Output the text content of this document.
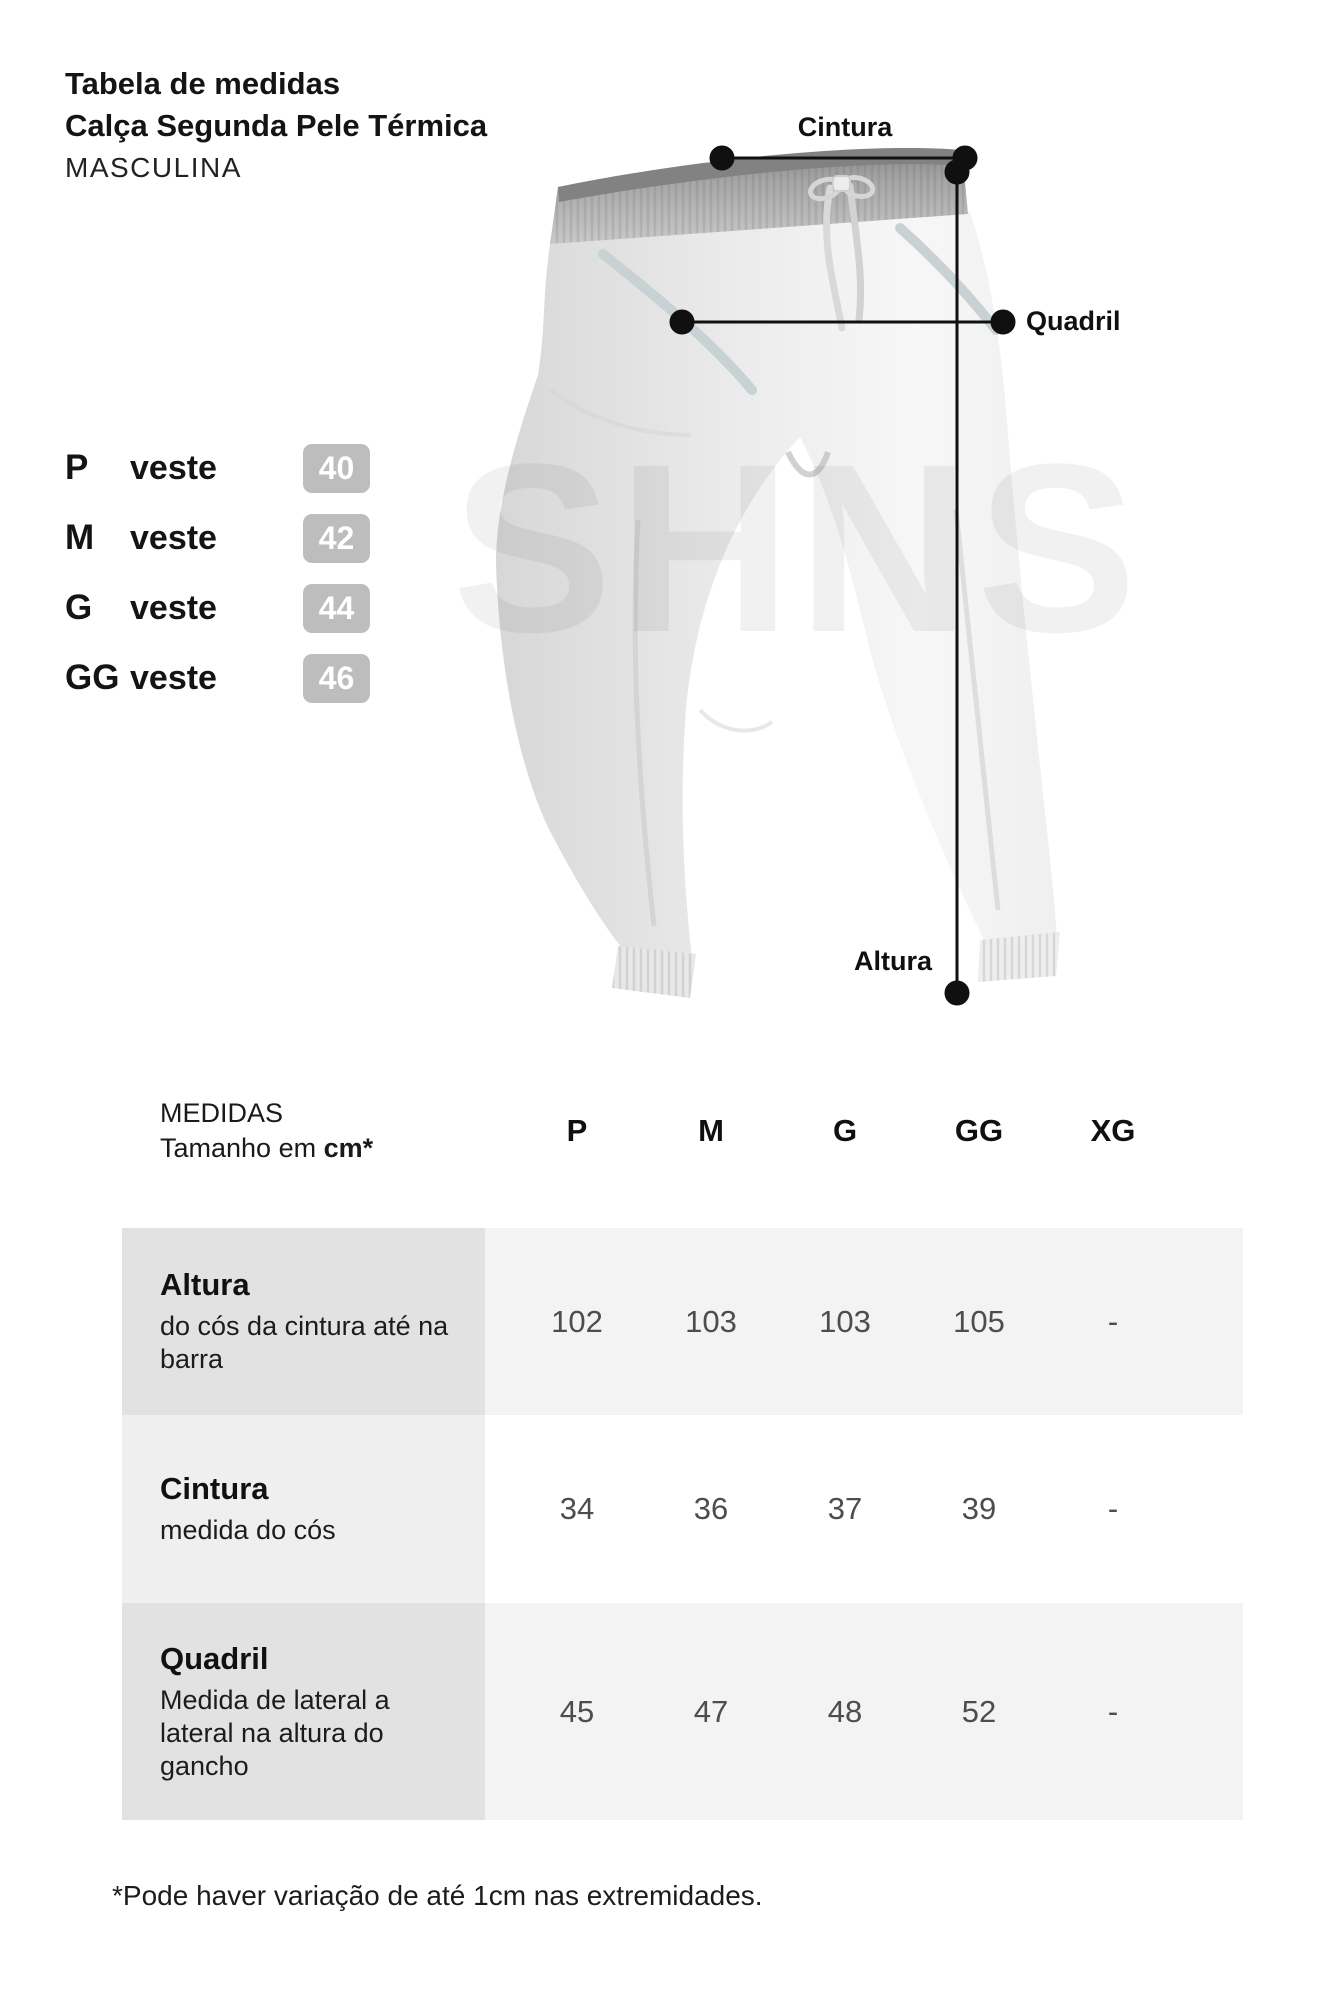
Tabela de medidas
Calça Segunda Pele Térmica
MASCULINA
P	veste	40
M	veste	42
G	veste	44
GG veste	46 SHNS
Cintura
Quadril
Altura
MEDIDAS
Tamanho em cm*	P	M	G	GG	XG
Altura
do cós da cintura até na barra
102	103	103	105	-
Cintura
medida do cós
34	36	37	39	-
Quadril
Medida de lateral a lateral na altura do gancho
45	47	48	52	-
*Pode haver variação de até 1cm nas extremidades.
